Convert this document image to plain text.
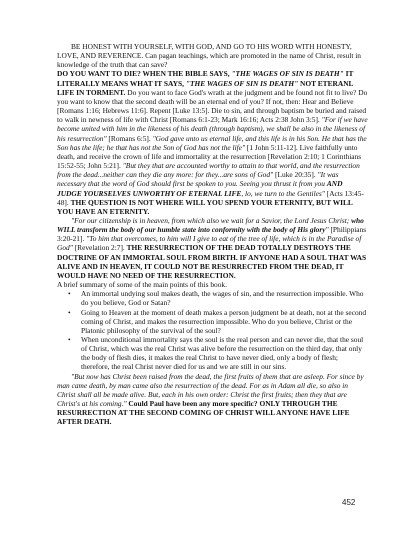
BE HONEST WITH YOURSELF, WITH GOD, AND GO TO HIS WORD WITH HONESTY, LOVE, AND REVERENCE. Can pagan teachings, which are promoted in the name of Christ, result in knowledge of the truth that can save?

DO YOU WANT TO DIE? WHEN THE BIBLE SAYS, "THE WAGES OF SIN IS DEATH" IT LITERALLY MEANS WHAT IT SAYS, "THE WAGES OF SIN IS DEATH" NOT ETERANL LIFE IN TORMENT. Do you want to face God's wrath at the judgment and be found not fit to live? Do you want to know that the second death will be an eternal end of you? If not, then: Hear and Believe [Romans 1:16; Hebrews 11:6]. Repent [Luke 13:5]. Die to sin, and through baptism be buried and raised to walk in newness of life with Christ [Romans 6:1-23; Mark 16:16; Acts 2:38 John 3:5]. "For if we have become united with him in the likeness of his death (through baptism), we shall be also in the likeness of his resurrection" [Romans 6:5]. "God gave unto us eternal life, and this life is in his Son. He that has the Son has the life; he that has not the Son of God has not the life" [1 John 5:11-12]. Live faithfully unto death, and receive the crown of life and immortality at the resurrection [Revelation 2:10; 1 Corinthians 15:52-55; John 5:21]. "But they that are accounted worthy to attain to that world, and the resurrection from the dead...neither can they die any more: for they...are sons of God" [Luke 20:35]. "It was necessary that the word of God should first be spoken to you. Seeing you thrust it from you AND JUDGE YOURSELVES UNWORTHY OF ETERNAL LIFE, lo, we turn to the Gentiles" [Acts 13:45-48]. THE QUESTION IS NOT WHERE WILL YOU SPEND YOUR ETERNITY, BUT WILL YOU HAVE AN ETERNITY.

"For our citizenship is in heaven, from which also we wait for a Savior, the Lord Jesus Christ; who WILL transform the body of our humble state into conformity with the body of His glory" [Philippians 3:20-21]. "To him that overcomes, to him will I give to eat of the tree of life, which is in the Paradise of God" [Revelation 2:7]. THE RESURRECTION OF THE DEAD TOTALLY DESTROYS THE DOCTRINE OF AN IMMORTAL SOUL FROM BIRTH. IF ANYONE HAD A SOUL THAT WAS ALIVE AND IN HEAVEN, IT COULD NOT BE RESURRECTED FROM THE DEAD, IT WOULD HAVE NO NEED OF THE RESURRECTION.

A brief summary of some of the main points of this book.

• An immortal undying soul makes death, the wages of sin, and the resurrection impossible. Who do you believe, God or Satan?
• Going to Heaven at the moment of death makes a person judgment be at death, not at the second coming of Christ, and makes the resurrection impossible. Who do you believe, Christ or the Platonic philosophy of the survival of the soul?
• When unconditional immortality says the soul is the real person and can never die, that the soul of Christ, which was the real Christ was alive before the resurrection on the third day, that only the body of flesh dies, it makes the real Christ to have never died, only a body of flesh; therefore, the real Christ never died for us and we are still in our sins.

"But now has Christ been raised from the dead, the first fruits of them that are asleep. For since by man came death, by man came also the resurrection of the dead. For as in Adam all die, so also in Christ shall all be made alive. But, each in his own order: Christ the first fruits; then they that are Christ's at his coming." Could Paul have been any more specific? ONLY THROUGH THE RESURRECTION AT THE SECOND COMING OF CHRIST WILL ANYONE HAVE LIFE AFTER DEATH.

452
